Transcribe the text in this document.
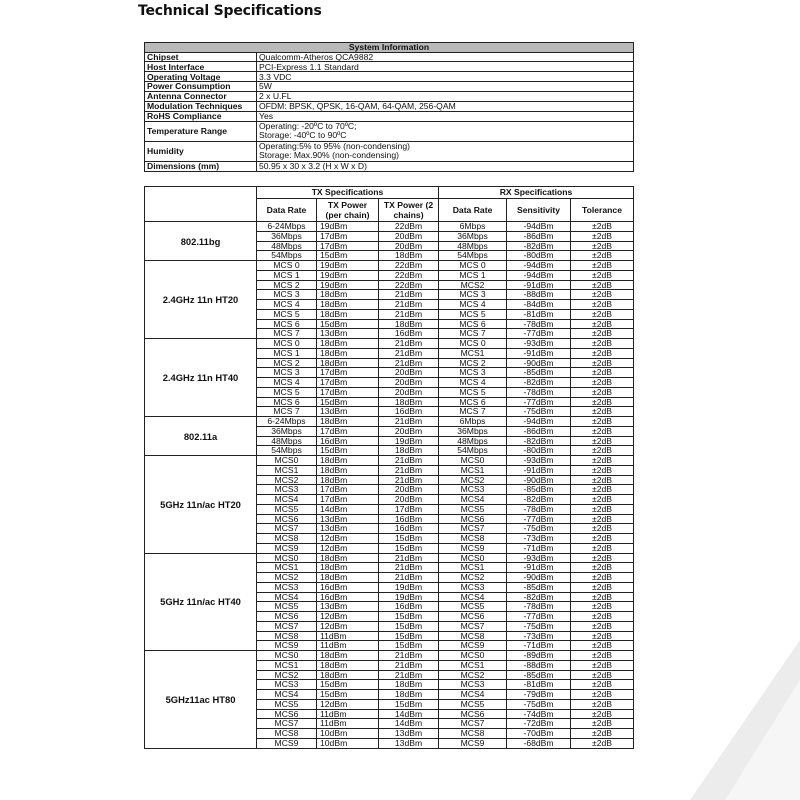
Technical Specifications
System Information	
Chipset	Qualcomm-Atheros QCA9882
Host Interface	PCI-Express 1.1 Standard
Operating Voltage	3.3 VDC
Power Consumption	5W
Antenna Connector	2 x U.FL
Modulation Techniques	OFDM: BPSK, QPSK, 16-QAM, 64-QAM, 256-QAM
RoHS Compliance	Yes
Temperature Range	Operating: -20ºC to 70ºC;
Storage: -40ºC to 90ºC
Humidity	Operating:5% to 95% (non-condensing)
Storage: Max.90% (non-condensing)
Dimensions (mm)	50.95 x 30 x 3.2 (H x W x D)
	TX Specifications			RX Specifications		
	Data Rate	TX Power (per chain)	TX Power (2 chains)	Data Rate	Sensitivity	Tolerance
802.11bg	6-24Mbps	19dBm	22dBm	6Mbps	-94dBm	±2dB
	36Mbps	17dBm	20dBm	36Mbps	-86dBm	±2dB
	48Mbps	17dBm	20dBm	48Mbps	-82dBm	±2dB
	54Mbps	15dBm	18dBm	54Mbps	-80dBm	±2dB
2.4GHz 11n HT20	MCS 0	19dBm	22dBm	MCS 0	-94dBm	±2dB
	MCS 1	19dBm	22dBm	MCS 1	-94dBm	±2dB
	MCS 2	19dBm	22dBm	MCS2	-91dBm	±2dB
	MCS 3	18dBm	21dBm	MCS 3	-88dBm	±2dB
	MCS 4	18dBm	21dBm	MCS 4	-84dBm	±2dB
	MCS 5	18dBm	21dBm	MCS 5	-81dBm	±2dB
	MCS 6	15dBm	18dBm	MCS 6	-78dBm	±2dB
	MCS 7	13dBm	16dBm	MCS 7	-77dBm	±2dB
2.4GHz 11n HT40	MCS 0	18dBm	21dBm	MCS 0	-93dBm	±2dB
	MCS 1	18dBm	21dBm	MCS1	-91dBm	±2dB
	MCS 2	18dBm	21dBm	MCS 2	-90dBm	±2dB
	MCS 3	17dBm	20dBm	MCS 3	-85dBm	±2dB
	MCS 4	17dBm	20dBm	MCS 4	-82dBm	±2dB
	MCS 5	17dBm	20dBm	MCS 5	-78dBm	±2dB
	MCS 6	15dBm	18dBm	MCS 6	-77dBm	±2dB
	MCS 7	13dBm	16dBm	MCS 7	-75dBm	±2dB
802.11a	6-24Mbps	18dBm	21dBm	6Mbps	-94dBm	±2dB
	36Mbps	17dBm	20dBm	36Mbps	-86dBm	±2dB
	48Mbps	16dBm	19dBm	48Mbps	-82dBm	±2dB
	54Mbps	15dBm	18dBm	54Mbps	-80dBm	±2dB
5GHz 11n/ac HT20	MCS0	18dBm	21dBm	MCS0	-93dBm	±2dB
	MCS1	18dBm	21dBm	MCS1	-91dBm	±2dB
	MCS2	18dBm	21dBm	MCS2	-90dBm	±2dB
	MCS3	17dBm	20dBm	MCS3	-85dBm	±2dB
	MCS4	17dBm	20dBm	MCS4	-82dBm	±2dB
	MCS5	14dBm	17dBm	MCS5	-78dBm	±2dB
	MCS6	13dBm	16dBm	MCS6	-77dBm	±2dB
	MCS7	13dBm	16dBm	MCS7	-75dBm	±2dB
	MCS8	12dBm	15dBm	MCS8	-73dBm	±2dB
	MCS9	12dBm	15dBm	MCS9	-71dBm	±2dB
5GHz 11n/ac HT40	MCS0	18dBm	21dBm	MCS0	-93dBm	±2dB
	MCS1	18dBm	21dBm	MCS1	-91dBm	±2dB
	MCS2	18dBm	21dBm	MCS2	-90dBm	±2dB
	MCS3	16dBm	19dBm	MCS3	-85dBm	±2dB
	MCS4	16dBm	19dBm	MCS4	-82dBm	±2dB
	MCS5	13dBm	16dBm	MCS5	-78dBm	±2dB
	MCS6	12dBm	15dBm	MCS6	-77dBm	±2dB
	MCS7	12dBm	15dBm	MCS7	-75dBm	±2dB
	MCS8	11dBm	15dBm	MCS8	-73dBm	±2dB
	MCS9	11dBm	15dBm	MCS9	-71dBm	±2dB
5GHz11ac HT80	MCS0	18dBm	21dBm	MCS0	-89dBm	±2dB
	MCS1	18dBm	21dBm	MCS1	-88dBm	±2dB
	MCS2	18dBm	21dBm	MCS2	-85dBm	±2dB
	MCS3	15dBm	18dBm	MCS3	-81dBm	±2dB
	MCS4	15dBm	18dBm	MCS4	-79dBm	±2dB
	MCS5	12dBm	15dBm	MCS5	-75dBm	±2dB
	MCS6	11dBm	14dBm	MCS6	-74dBm	±2dB
	MCS7	11dBm	14dBm	MCS7	-72dBm	±2dB
	MCS8	10dBm	13dBm	MCS8	-70dBm	±2dB
	MCS9	10dBm	13dBm	MCS9	-68dBm	±2dB
